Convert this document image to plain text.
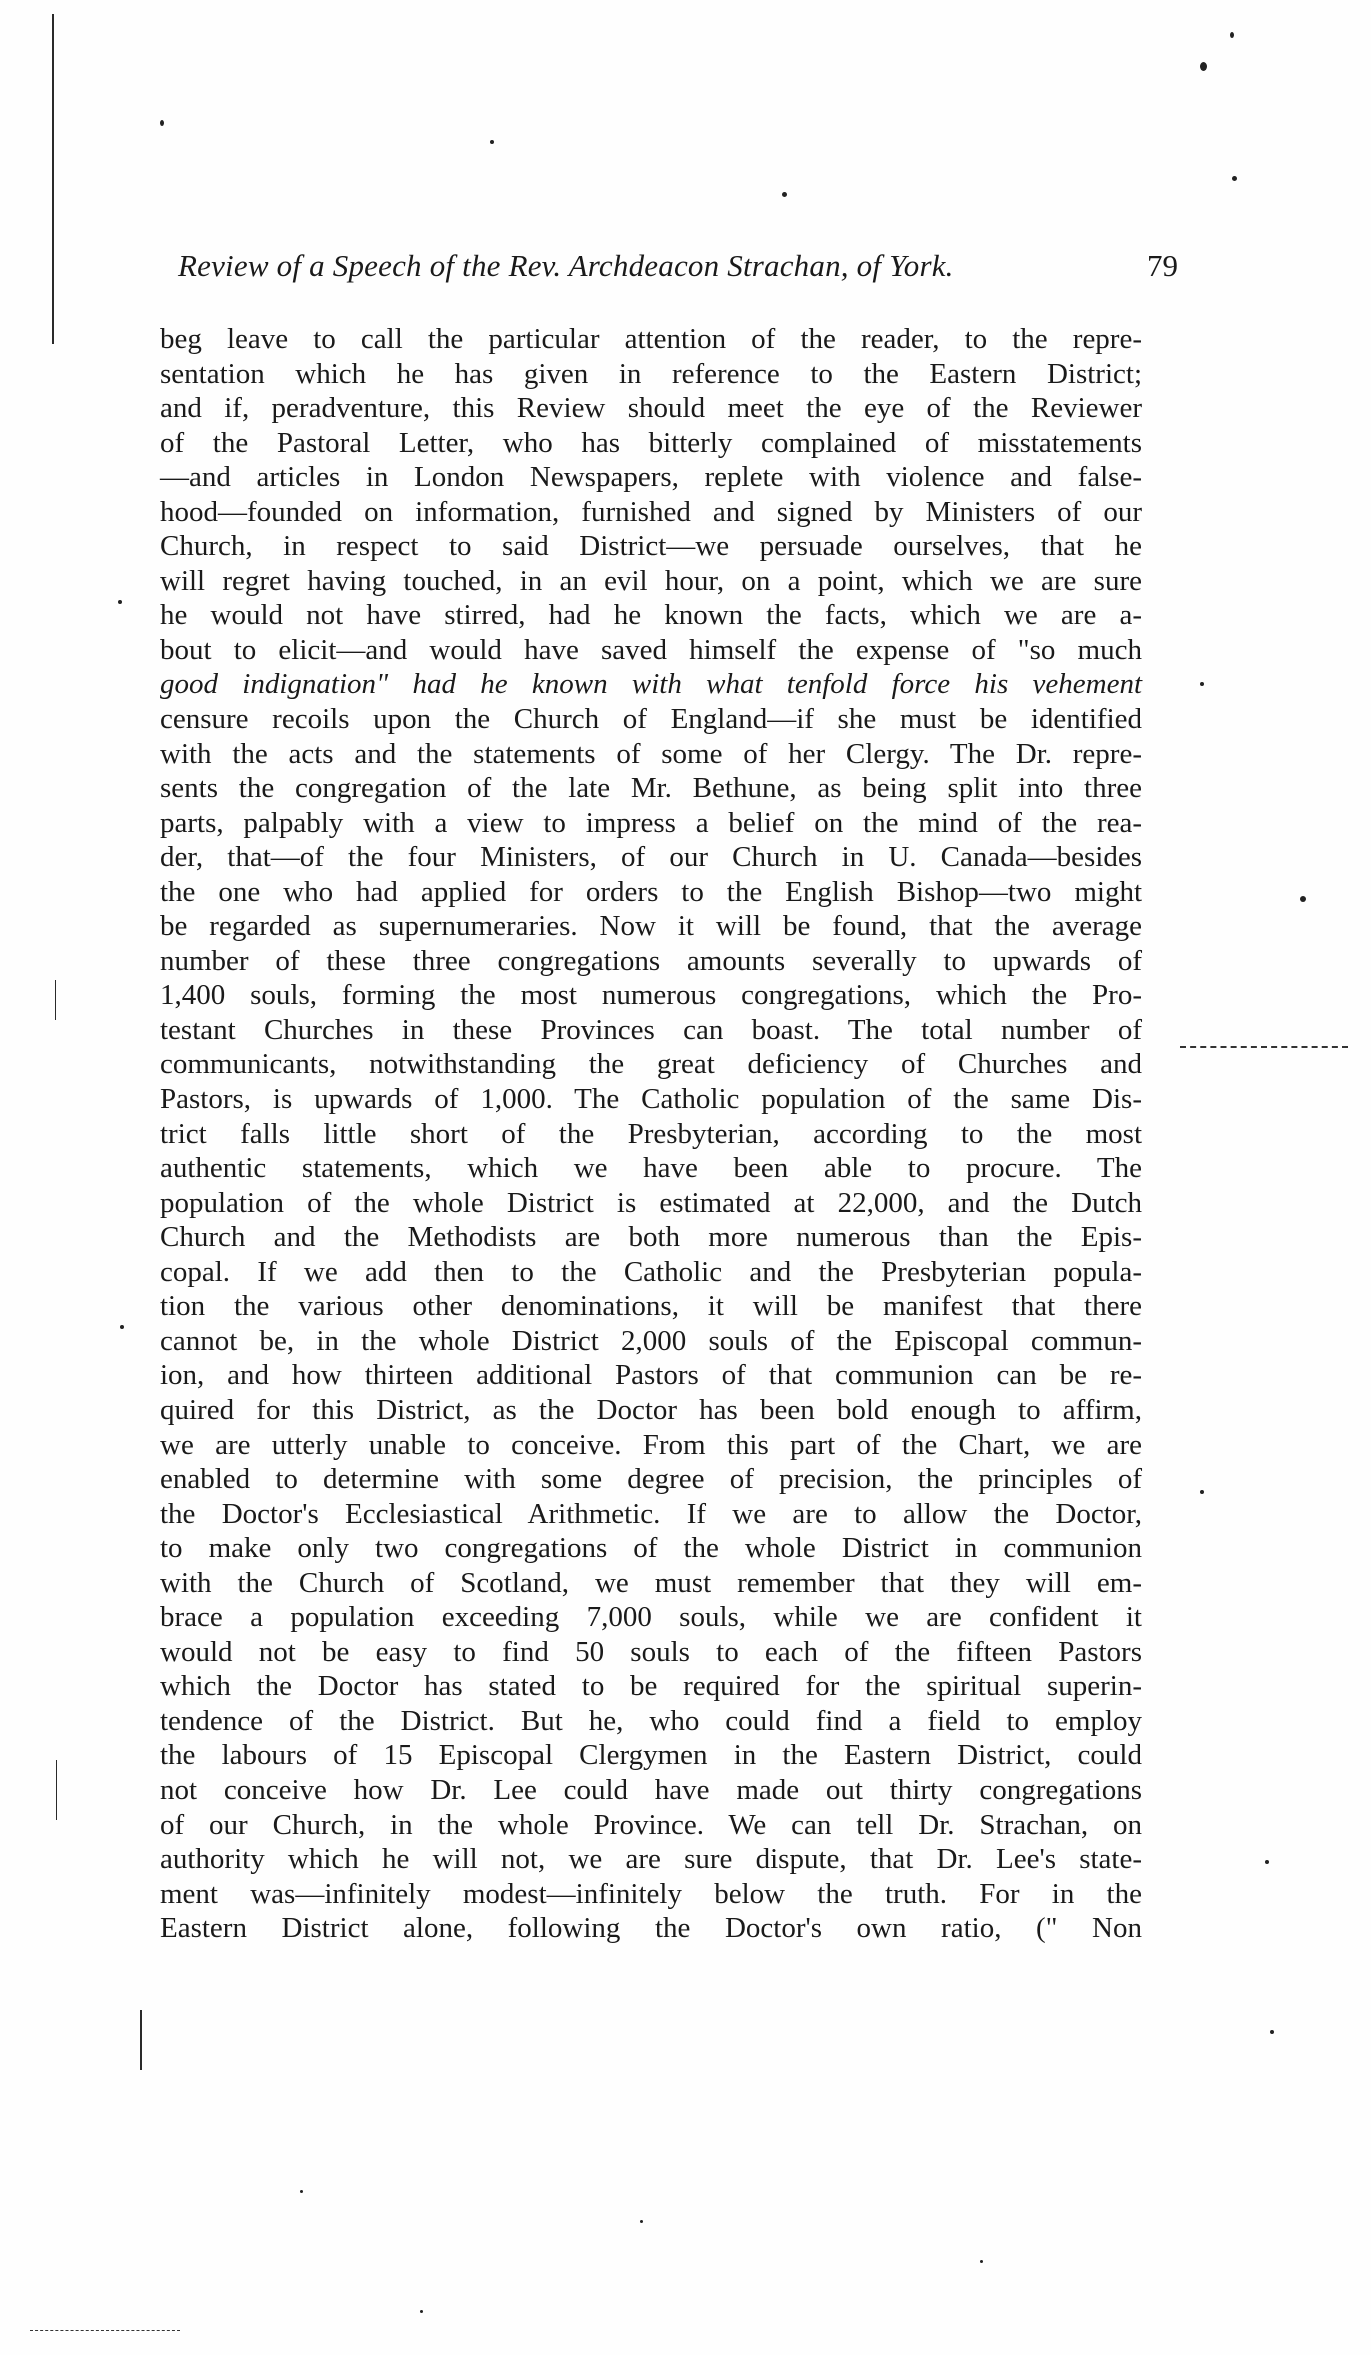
Review of a Speech of the Rev. Archdeacon Strachan, of York.	79
beg leave to call the particular attention of the reader, to the repre-
sentation which he has given in reference to the Eastern District;
and if, peradventure, this Review should meet the eye of the Reviewer
of the Pastoral Letter, who has bitterly complained of misstatements
—and articles in London Newspapers, replete with violence and false-
hood—founded on information, furnished and signed by Ministers of our
Church, in respect to said District—we persuade ourselves, that he
will regret having touched, in an evil hour, on a point, which we are sure
he would not have stirred, had he known the facts, which we are a-
bout to elicit—and would have saved himself the expense of "so much
good indignation" had he known with what tenfold force his vehement
censure recoils upon the Church of England—if she must be identified
with the acts and the statements of some of her Clergy. The Dr. repre-
sents the congregation of the late Mr. Bethune, as being split into three
parts, palpably with a view to impress a belief on the mind of the rea-
der, that—of the four Ministers, of our Church in U. Canada—besides
the one who had applied for orders to the English Bishop—two might
be regarded as supernumeraries. Now it will be found, that the average
number of these three congregations amounts severally to upwards of
1,400 souls, forming the most numerous congregations, which the Pro-
testant Churches in these Provinces can boast. The total number of
communicants, notwithstanding the great deficiency of Churches and
Pastors, is upwards of 1,000. The Catholic population of the same Dis-
trict falls little short of the Presbyterian, according to the most
authentic statements, which we have been able to procure. The
population of the whole District is estimated at 22,000, and the Dutch
Church and the Methodists are both more numerous than the Epis-
copal. If we add then to the Catholic and the Presbyterian popula-
tion the various other denominations, it will be manifest that there
cannot be, in the whole District 2,000 souls of the Episcopal commun-
ion, and how thirteen additional Pastors of that communion can be re-
quired for this District, as the Doctor has been bold enough to affirm,
we are utterly unable to conceive. From this part of the Chart, we are
enabled to determine with some degree of precision, the principles of
the Doctor's Ecclesiastical Arithmetic. If we are to allow the Doctor,
to make only two congregations of the whole District in communion
with the Church of Scotland, we must remember that they will em-
brace a population exceeding 7,000 souls, while we are confident it
would not be easy to find 50 souls to each of the fifteen Pastors
which the Doctor has stated to be required for the spiritual superin-
tendence of the District. But he, who could find a field to employ
the labours of 15 Episcopal Clergymen in the Eastern District, could
not conceive how Dr. Lee could have made out thirty congregations
of our Church, in the whole Province. We can tell Dr. Strachan, on
authority which he will not, we are sure dispute, that Dr. Lee's state-
ment was—infinitely modest—infinitely below the truth. For in the
Eastern District alone, following the Doctor's own ratio, (" Non
